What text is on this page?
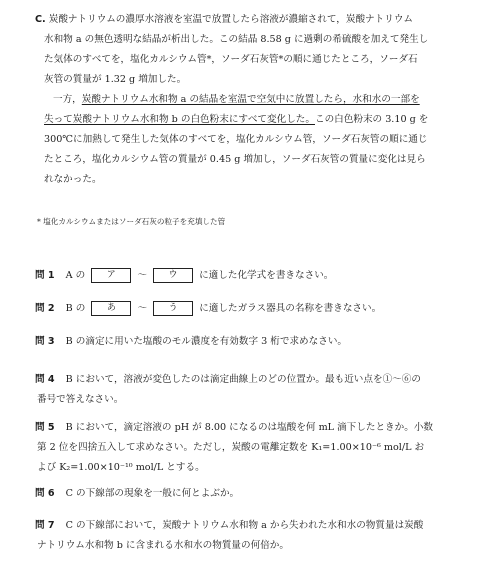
C. 炭酸ナトリウムの濃厚水溶液を室温で放置したら溶液が濃縮されて，炭酸ナトリウム
水和物 a の無色透明な結晶が析出した。この結晶 8.58 g に過剰の希硫酸を加えて発生し
た気体のすべてを，塩化カルシウム管*，ソーダ石灰管*の順に通じたところ，ソーダ石
灰管の質量が 1.32 g 増加した。
一方，炭酸ナトリウム水和物 a の結晶を室温で空気中に放置したら，水和水の一部を
失って炭酸ナトリウム水和物 b の白色粉末にすべて変化した。この白色粉末の 3.10 g を
300℃に加熱して発生した気体のすべてを，塩化カルシウム管，ソーダ石灰管の順に通じ
たところ，塩化カルシウム管の質量が 0.45 g 増加し，ソーダ石灰管の質量に変化は見ら
れなかった。
* 塩化カルシウムまたはソーダ石灰の粒子を充填した管
問 1 A の ア 〜 ウ に適した化学式を書きなさい。
問 2 B の あ 〜 う に適したガラス器具の名称を書きなさい。
問 3 B の滴定に用いた塩酸のモル濃度を有効数字 3 桁で求めなさい。
問 4 B において，溶液が変色したのは滴定曲線上のどの位置か。最も近い点を①〜⑥の
番号で答えなさい。
問 5 B において，滴定溶液の pH が 8.00 になるのは塩酸を何 mL 滴下したときか。小数
第 2 位を四捨五入して求めなさい。ただし，炭酸の電離定数を K₁=1.00×10⁻⁶ mol/L お
よび K₂=1.00×10⁻¹⁰ mol/L とする。
問 6 C の下線部の現象を一般に何とよぶか。
問 7 C の下線部において，炭酸ナトリウム水和物 a から失われた水和水の物質量は炭酸
ナトリウム水和物 b に含まれる水和水の物質量の何倍か。
